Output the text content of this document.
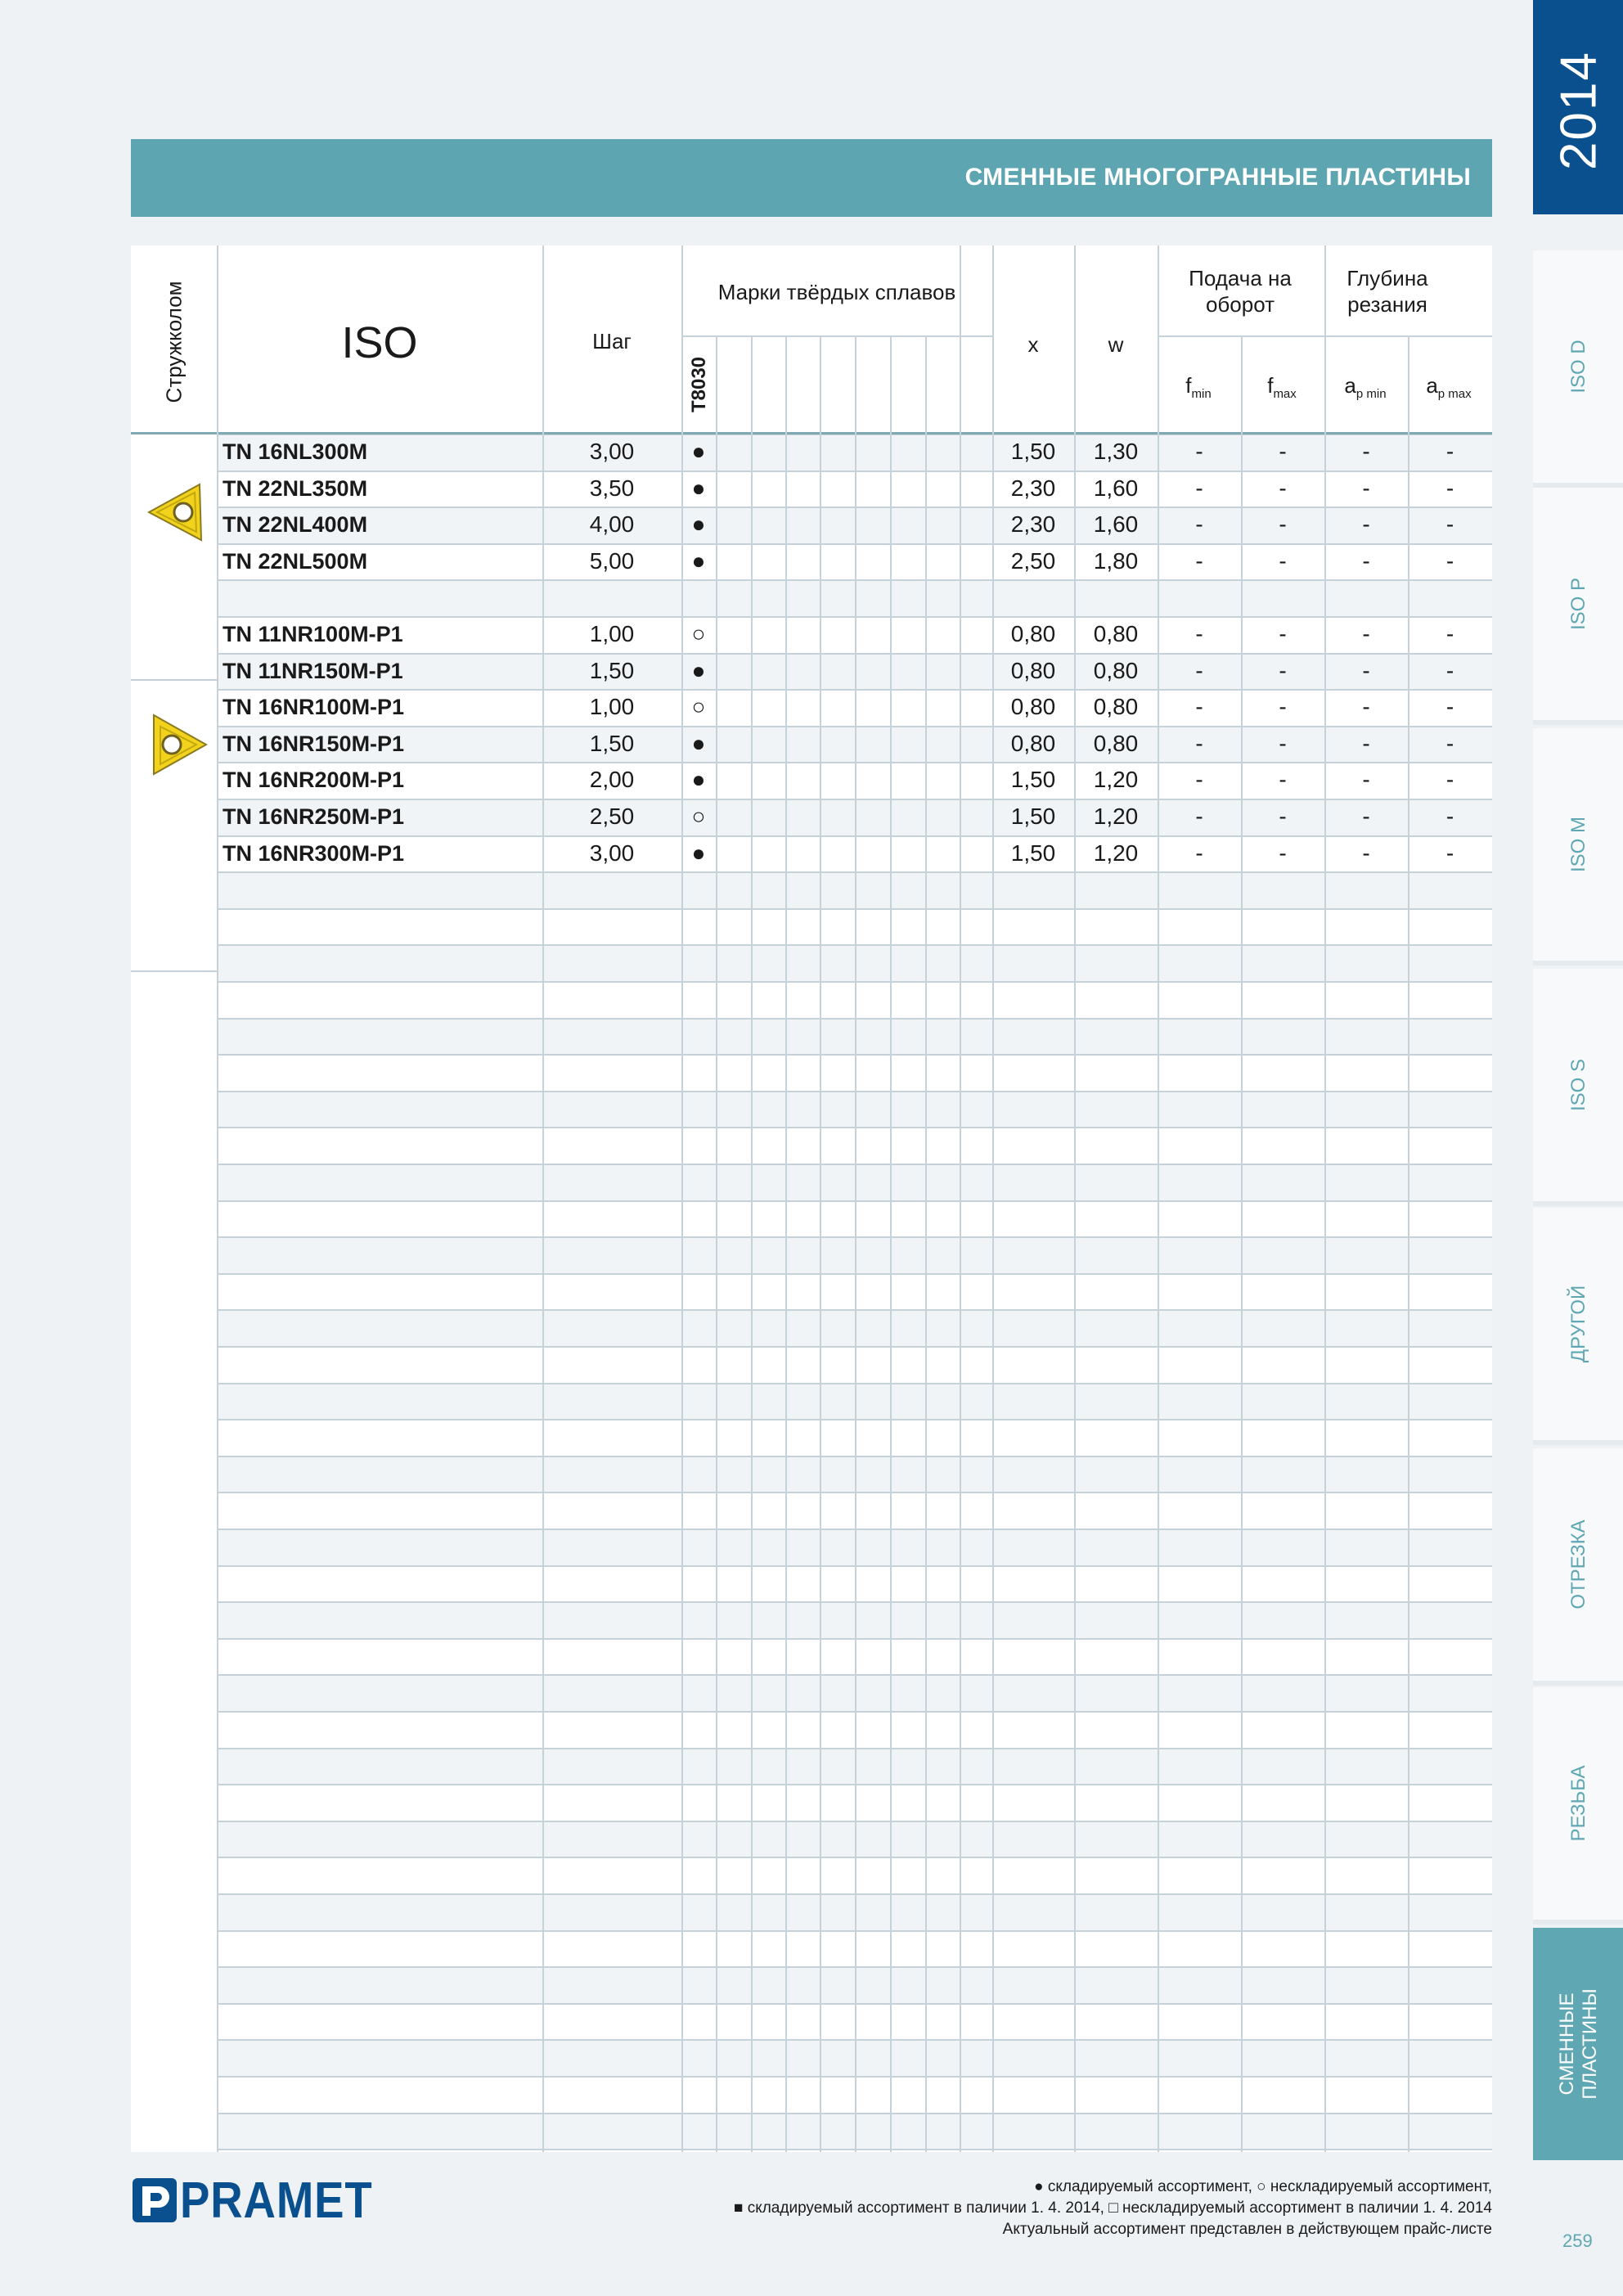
2014
ISO D
ISO P
ISO M
ISO S
ДРУГОЙ
ОТРЕЗКА
РЕЗЬБА
СМЕННЫЕ ПЛАСТИНЫ
259
СМЕННЫЕ МНОГОГРАННЫЕ ПЛАСТИНЫ
Стружколом	ISO	Шаг
Марки твёрдых сплавов
T8030
x	w
Подача на оборот
Глубина резания
$f_{min}$	$f_{max}$	$a_{p min}$	$a_{p max}$
TN 16NL300M	3,00	●	1,50	1,30	-	-	-	-
TN 22NL350M	3,50	●	2,30	1,60	-	-	-	-
TN 22NL400M	4,00	●	2,30	1,60	-	-	-	-
TN 22NL500M	5,00	●	2,50	1,80	-	-	-	-
TN 11NR100M-P1	1,00	○	0,80	0,80	-	-	-	-
TN 11NR150M-P1	1,50	●	0,80	0,80	-	-	-	-
TN 16NR100M-P1	1,00	○	0,80	0,80	-	-	-	-
TN 16NR150M-P1	1,50	●	0,80	0,80	-	-	-	-
TN 16NR200M-P1	2,00	●	1,50	1,20	-	-	-	-
TN 16NR250M-P1	2,50	○	1,50	1,20	-	-	-	-
TN 16NR300M-P1	3,00	●	1,50	1,20	-	-	-	-
PRAMET	● складируемый ассортимент, ○ нескладируемый ассортимент,
■ складируемый ассортимент в паличии 1. 4. 2014, □ нескладируемый ассортимент в паличии 1. 4. 2014
Актуальный ассортимент представлен в действующем прайс-листе
